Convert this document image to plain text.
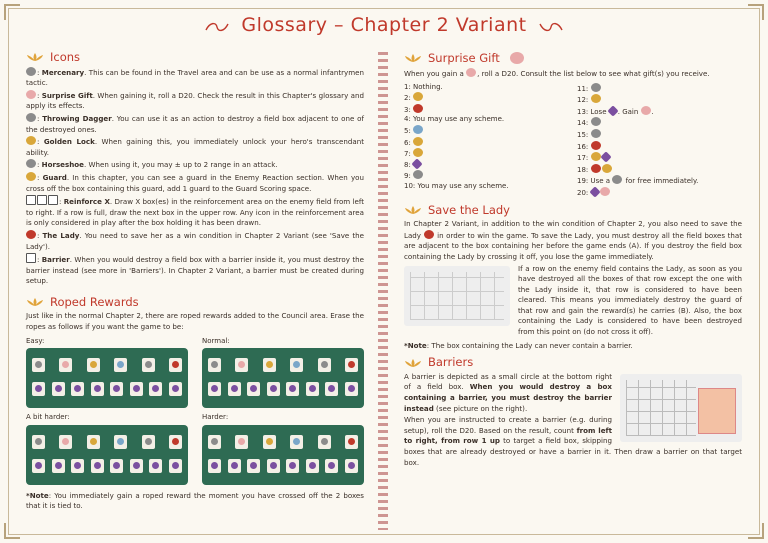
Glossary – Chapter 2 Variant
Icons

: Mercenary. This can be found in the Travel area and can be use as a normal infantrymen tactic.

: Surprise Gift. When gaining it, roll a D20. Check the result in this Chapter's glossary and apply its effects.

: Throwing Dagger. You can use it as an action to destroy a field box adjacent to one of the destroyed ones.

: Golden Lock. When gaining this, you immediately unlock your hero's transcendant ability.

: Horseshoe. When using it, you may ± up to 2 range in an attack.

: Guard. In this chapter, you can see a guard in the Enemy Reaction section. When you cross off the box containing this guard, add 1 guard to the Guard Scoring space.

: Reinforce X. Draw X box(es) in the reinforcement area on the enemy field from left to right. If a row is full, draw the next box in the upper row. Any icon in the reinforcement area is only considered in play after the box holding it has been drawn.

: The Lady. You need to save her as a win condition in Chapter 2 Variant (see 'Save the Lady').

: Barrier. When you would destroy a field box with a barrier inside it, you must destroy the barrier instead (see more in 'Barriers'). In Chapter 2 Variant, a barrier must be created during setup.

Roped Rewards

Just like in the normal Chapter 2, there are roped rewards added to the Council area. Erase the ropes as follows if you want the game to be:

Easy:	Normal:
A bit harder:	Harder:

*Note: You immediately gain a roped reward the moment you have crossed off the 2 boxes that it is tied to.

Surprise Gift

When you gain a , roll a D20. Consult the list below to see what gift(s) you receive.

1: Nothing.
2:
3:
4: You may use any scheme.
5:
6:
7:
8:
9:
10: You may use any scheme.
11:
12:
13: Lose . Gain .
14:
15:
16:
17:
18:
19: Use a for free immediately.
20:
Save the Lady

In Chapter 2 Variant, in addition to the win condition of Chapter 2, you also need to save the Lady in order to win the game. To save the Lady, you must destroy all the field boxes that are adjacent to the box containing her before the game ends (A). If you destroy the field box containing the Lady by crossing it off, you lose the game immediately.

If a row on the enemy field contains the Lady, as soon as you have destroyed all the boxes of that row except the one with the Lady inside it, that row is considered to have been cleared. This means you immediately destroy the guard of that row and gain the reward(s) he carries (B). Also, the box containing the Lady is considered to have been destroyed from this point on (do not cross it off).

*Note: The box containing the Lady can never contain a barrier.

Barriers

A barrier is depicted as a small circle at the bottom right of a field box. When you would destroy a box containing a barrier, you must destroy the barrier instead (see picture on the right).

When you are instructed to create a barrier (e.g. during setup), roll the D20. Based on the result, count from left to right, from row 1 up to target a field box, skipping boxes that are already destroyed or have a barrier in it. Then draw a barrier on that target box.
